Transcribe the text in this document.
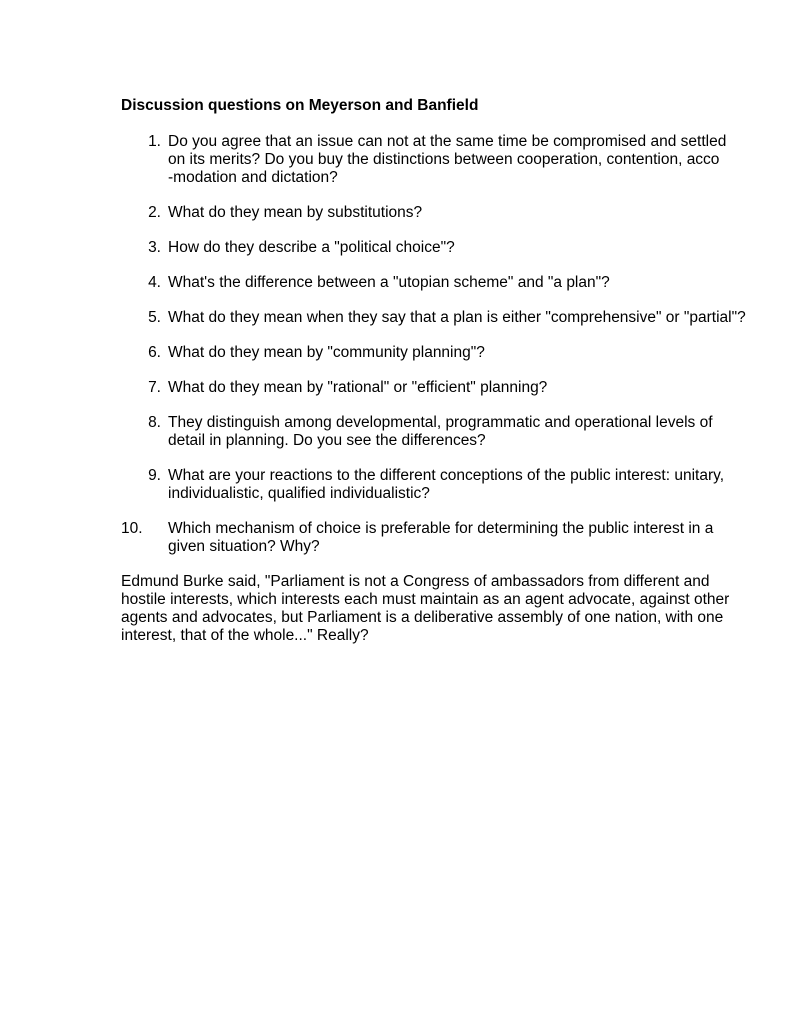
Discussion questions on Meyerson and Banfield
1. Do you agree that an issue can not at the same time be compromised and settled
on its merits? Do you buy the distinctions between cooperation, contention, acco
-modation and dictation?
2. What do they mean by substitutions?
3. How do they describe a "political choice"?
4. What's the difference between a "utopian scheme" and "a plan"?
5. What do they mean when they say that a plan is either "comprehensive" or "partial"?
6. What do they mean by "community planning"?
7. What do they mean by "rational" or "efficient" planning?
8. They distinguish among developmental, programmatic and operational levels of
detail in planning. Do you see the differences?
9. What are your reactions to the different conceptions of the public interest: unitary,
individualistic, qualified individualistic?
10.	Which mechanism of choice is preferable for determining the public interest in a
given situation? Why?

Edmund Burke said, "Parliament is not a Congress of ambassadors from different and
hostile interests, which interests each must maintain as an agent advocate, against other
agents and advocates, but Parliament is a deliberative assembly of one nation, with one
interest, that of the whole..." Really?
